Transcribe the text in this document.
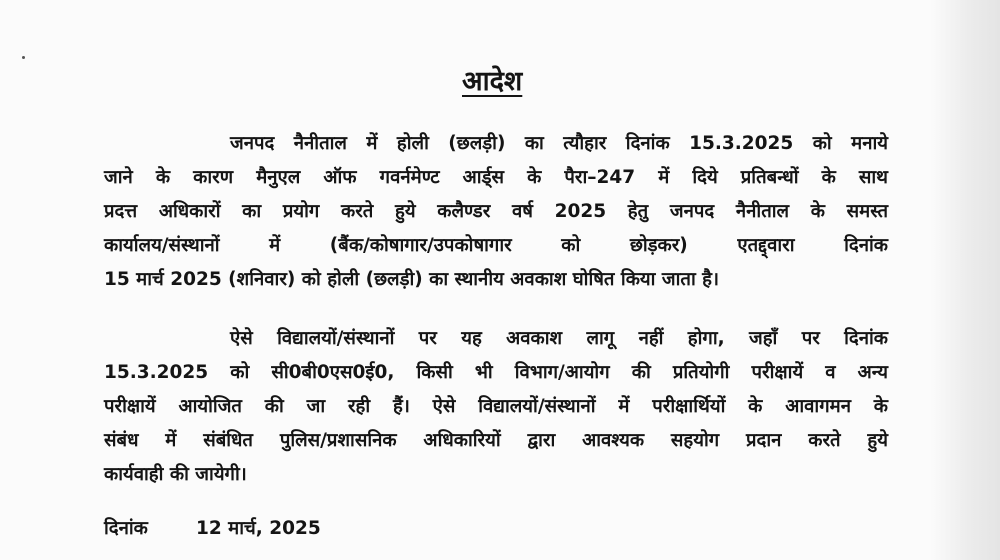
आदेश
जनपद नैनीताल में होली (छलड़ी) का त्यौहार दिनांक 15.3.2025 को मनाये
जाने के कारण मैनुएल ऑफ गवर्नमेण्ट आर्ड्स के पैरा–247 में दिये प्रतिबन्धों के साथ
प्रदत्त अधिकारों का प्रयोग करते हुये कलैण्डर वर्ष 2025 हेतु जनपद नैनीताल के समस्त
कार्यालय/संस्थानों में (बैंक/कोषागार/उपकोषागार को छोड़कर) एतद्द्वारा दिनांक
15 मार्च 2025 (शनिवार) को होली (छलड़ी) का स्थानीय अवकाश घोषित किया जाता है।
ऐसे विद्यालयों/संस्थानों पर यह अवकाश लागू नहीं होगा, जहाँ पर दिनांक
15.3.2025 को सी0बी0एस0ई0, किसी भी विभाग/आयोग की प्रतियोगी परीक्षायें व अन्य
परीक्षायें आयोजित की जा रही हैं। ऐसे विद्यालयों/संस्थानों में परीक्षार्थियों के आवागमन के
संबंध में संबंधित पुलिस/प्रशासनिक अधिकारियों द्वारा आवश्यक सहयोग प्रदान करते हुये
कार्यवाही की जायेगी।
दिनांक	12 मार्च, 2025
